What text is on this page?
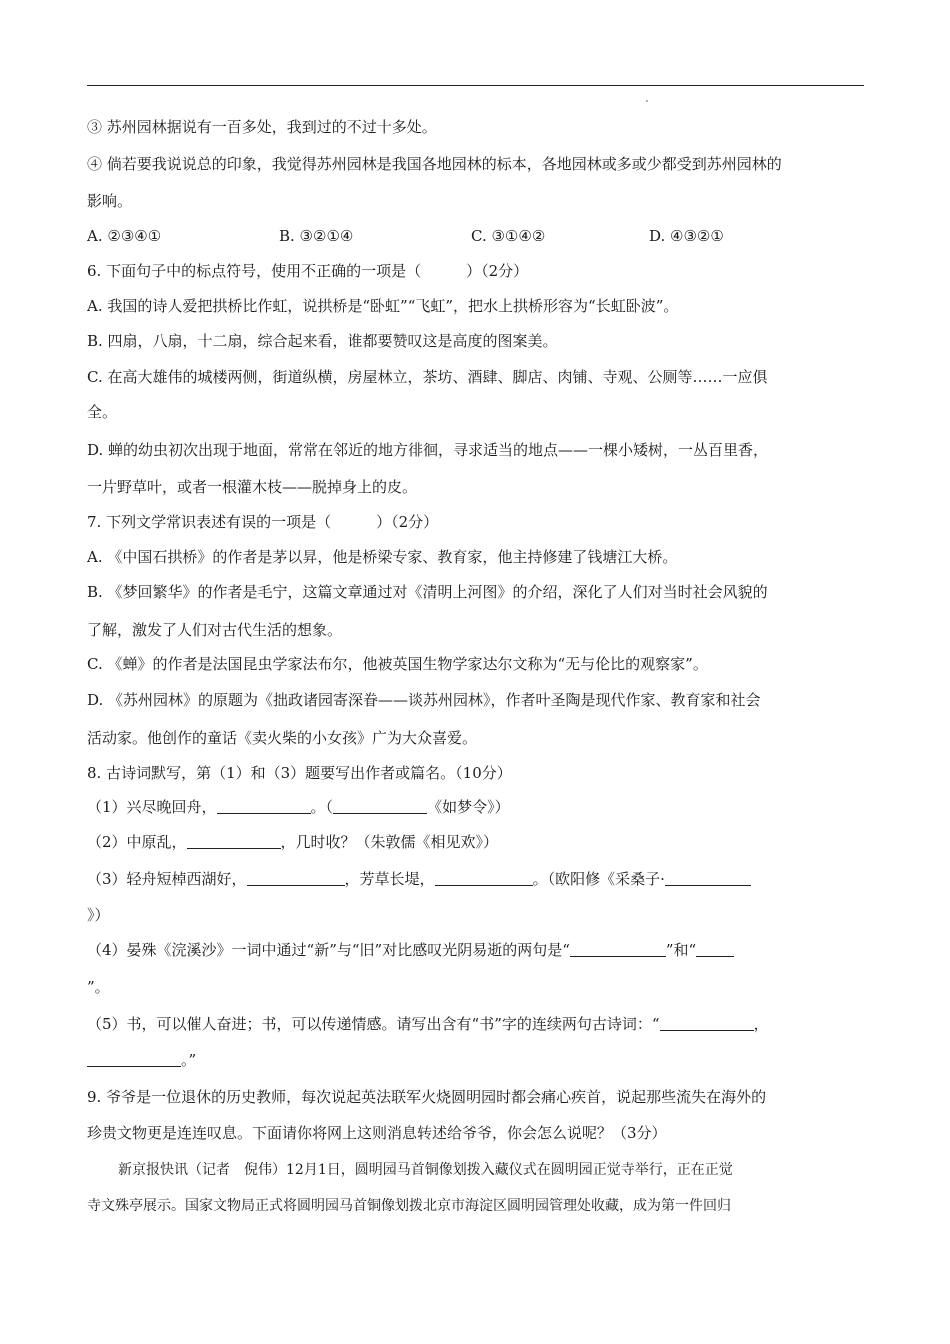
③ 苏州园林据说有一百多处，我到过的不过十多处。
④ 倘若要我说说总的印象，我觉得苏州园林是我国各地园林的标本，各地园林或多或少都受到苏州园林的
影响。
A. ②③④①	B. ③②①④	C. ③①④②	D. ④③②①
6. 下面句子中的标点符号，使用不正确的一项是（　　　）（2分）
A. 我国的诗人爱把拱桥比作虹，说拱桥是“卧虹”“飞虹”，把水上拱桥形容为“长虹卧波”。
B. 四扇，八扇，十二扇，综合起来看，谁都要赞叹这是高度的图案美。
C. 在高大雄伟的城楼两侧，街道纵横，房屋林立，茶坊、酒肆、脚店、肉铺、寺观、公厕等……一应俱
全。
D. 蝉的幼虫初次出现于地面，常常在邻近的地方徘徊，寻求适当的地点——一棵小矮树，一丛百里香，
一片野草叶，或者一根灌木枝——脱掉身上的皮。
7. 下列文学常识表述有误的一项是（　　　）（2分）
A. 《中国石拱桥》的作者是茅以昇，他是桥梁专家、教育家，他主持修建了钱塘江大桥。
B. 《梦回繁华》的作者是毛宁，这篇文章通过对《清明上河图》的介绍，深化了人们对当时社会风貌的
了解，激发了人们对古代生活的想象。
C. 《蝉》的作者是法国昆虫学家法布尔，他被英国生物学家达尔文称为“无与伦比的观察家”。
D. 《苏州园林》的原题为《拙政诸园寄深眷——谈苏州园林》，作者叶圣陶是现代作家、教育家和社会
活动家。他创作的童话《卖火柴的小女孩》广为大众喜爱。
8. 古诗词默写，第（1）和（3）题要写出作者或篇名。（10分）
（1）兴尽晚回舟，	。（	《如梦令》）
（2）中原乱，	，几时收？（朱敦儒《相见欢》）
（3）轻舟短棹西湖好，	，芳草长堤，	。（欧阳修《采桑子·
》）
（4）晏殊《浣溪沙》一词中通过“新”与“旧”对比感叹光阴易逝的两句是“	”和“
”。
（5）书，可以催人奋进；书，可以传递情感。请写出含有“书”字的连续两句古诗词：“	，
。”
9. 爷爷是一位退休的历史教师，每次说起英法联军火烧圆明园时都会痛心疾首，说起那些流失在海外的
珍贵文物更是连连叹息。下面请你将网上这则消息转述给爷爷，你会怎么说呢？（3分）
新京报快讯（记者　倪伟）12月1日，圆明园马首铜像划拨入藏仪式在圆明园正觉寺举行，正在正觉
寺文殊亭展示。国家文物局正式将圆明园马首铜像划拨北京市海淀区圆明园管理处收藏，成为第一件回归
